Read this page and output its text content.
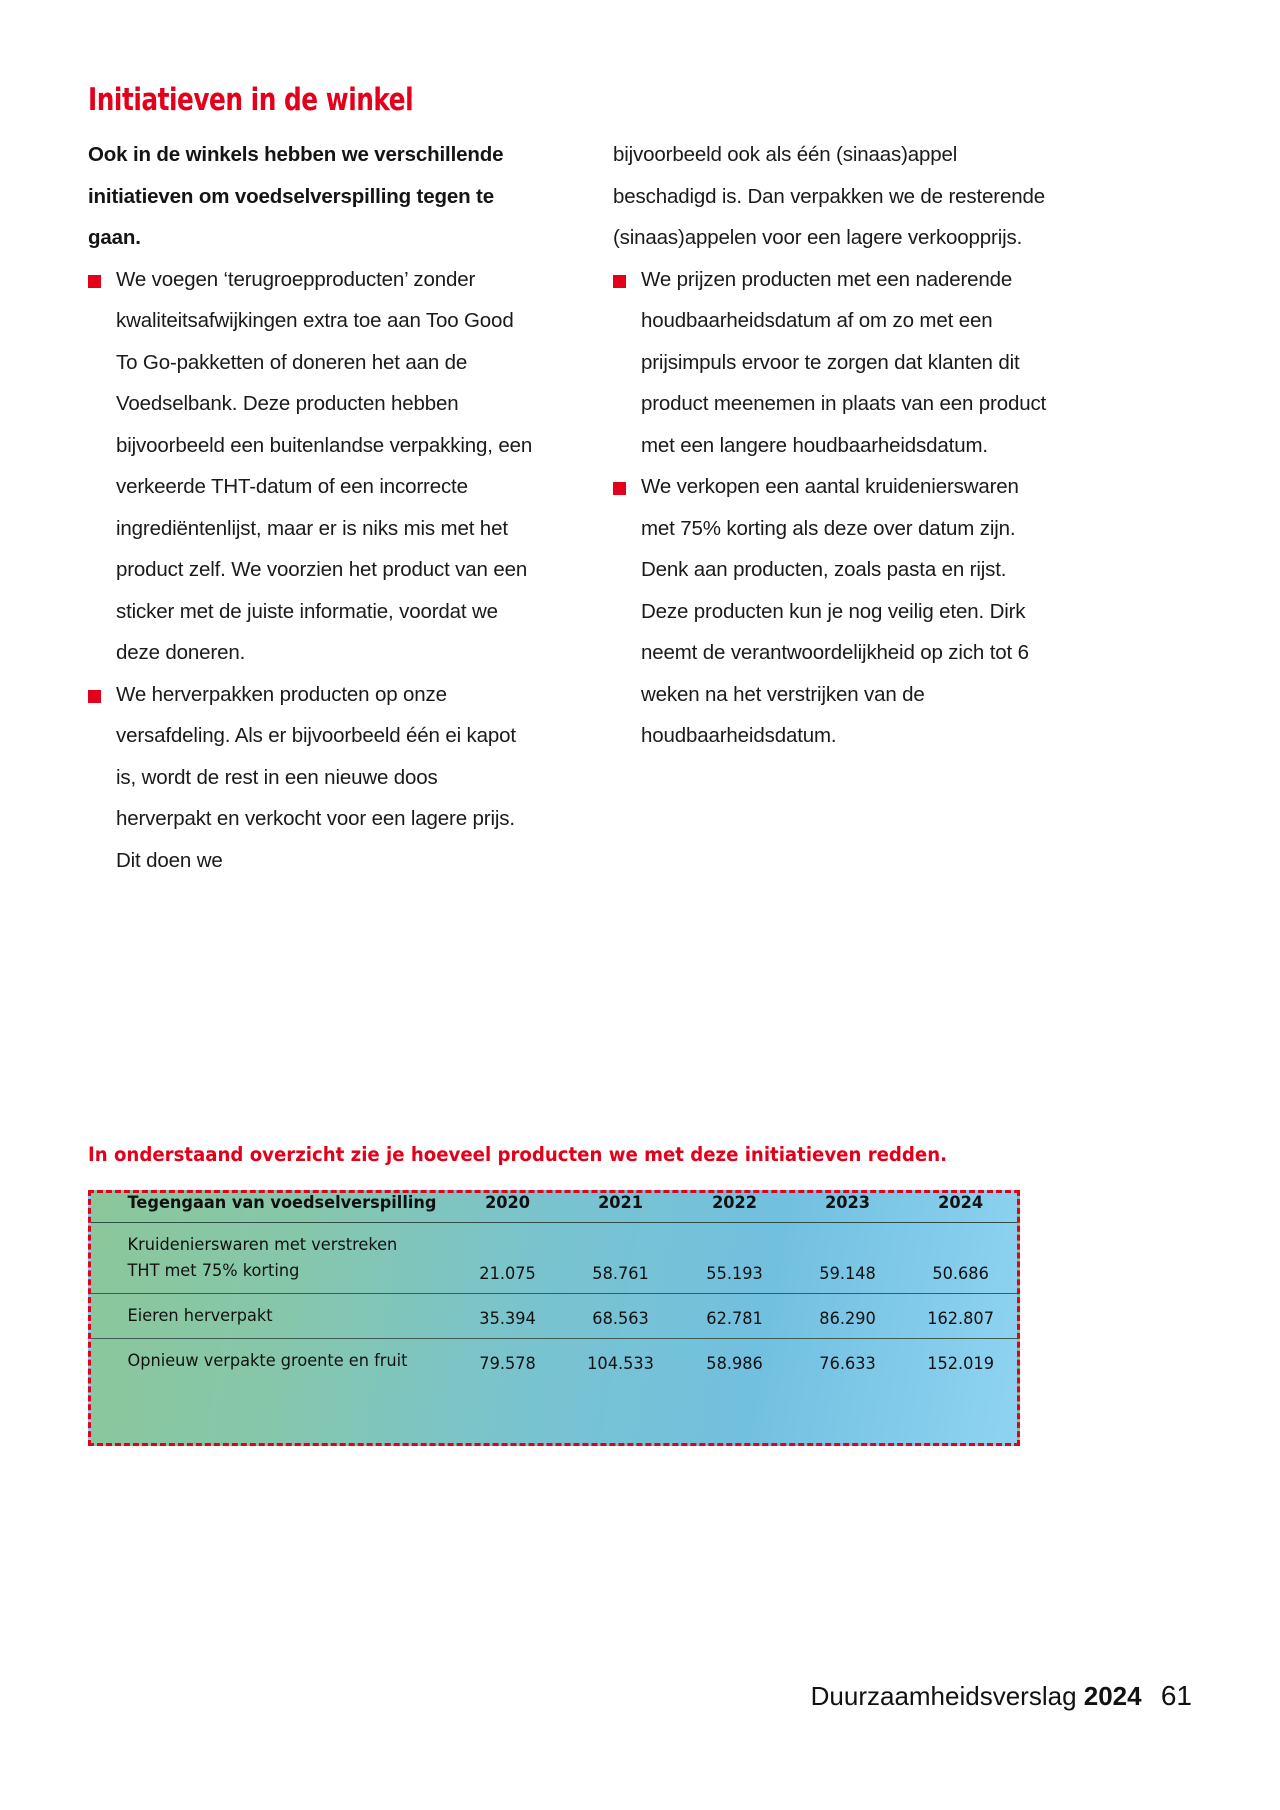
Initiatieven in de winkel

Ook in de winkels hebben we verschillende initiatieven om voedselverspilling tegen te gaan.

We voegen ‘terugroepproducten’ zonder kwaliteitsafwijkingen extra toe aan Too Good To Go-pakketten of doneren het aan de Voedselbank. Deze producten hebben bijvoorbeeld een buitenlandse verpakking, een verkeerde THT-datum of een incorrecte ingrediëntenlijst, maar er is niks mis met het product zelf. We voorzien het product van een sticker met de juiste informatie, voordat we deze doneren.
We herverpakken producten op onze versafdeling. Als er bijvoorbeeld één ei kapot is, wordt de rest in een nieuwe doos herverpakt en verkocht voor een lagere prijs. Dit doen we

bijvoorbeeld ook als één (sinaas)appel beschadigd is. Dan verpakken we de resterende (sinaas)appelen voor een lagere verkoopprijs.

We prijzen producten met een naderende houdbaarheidsdatum af om zo met een prijsimpuls ervoor te zorgen dat klanten dit product meenemen in plaats van een product met een langere houdbaarheidsdatum.
We verkopen een aantal kruidenierswaren met 75% korting als deze over datum zijn. Denk aan producten, zoals pasta en rijst. Deze producten kun je nog veilig eten. Dirk neemt de verantwoordelijkheid op zich tot 6 weken na het verstrijken van de houdbaarheidsdatum.
In onderstaand overzicht zie je hoeveel producten we met deze initiatieven redden.
Tegengaan van voedselverspilling	2020	2021	2022	2023	2024
Kruidenierswaren met verstreken
THT met 75% korting	21.075	58.761	55.193	59.148	50.686
Eieren herverpakt	35.394	68.563	62.781	86.290	162.807
Opnieuw verpakte groente en fruit	79.578	104.533	58.986	76.633	152.019
Duurzaamheidsverslag 2024 61
